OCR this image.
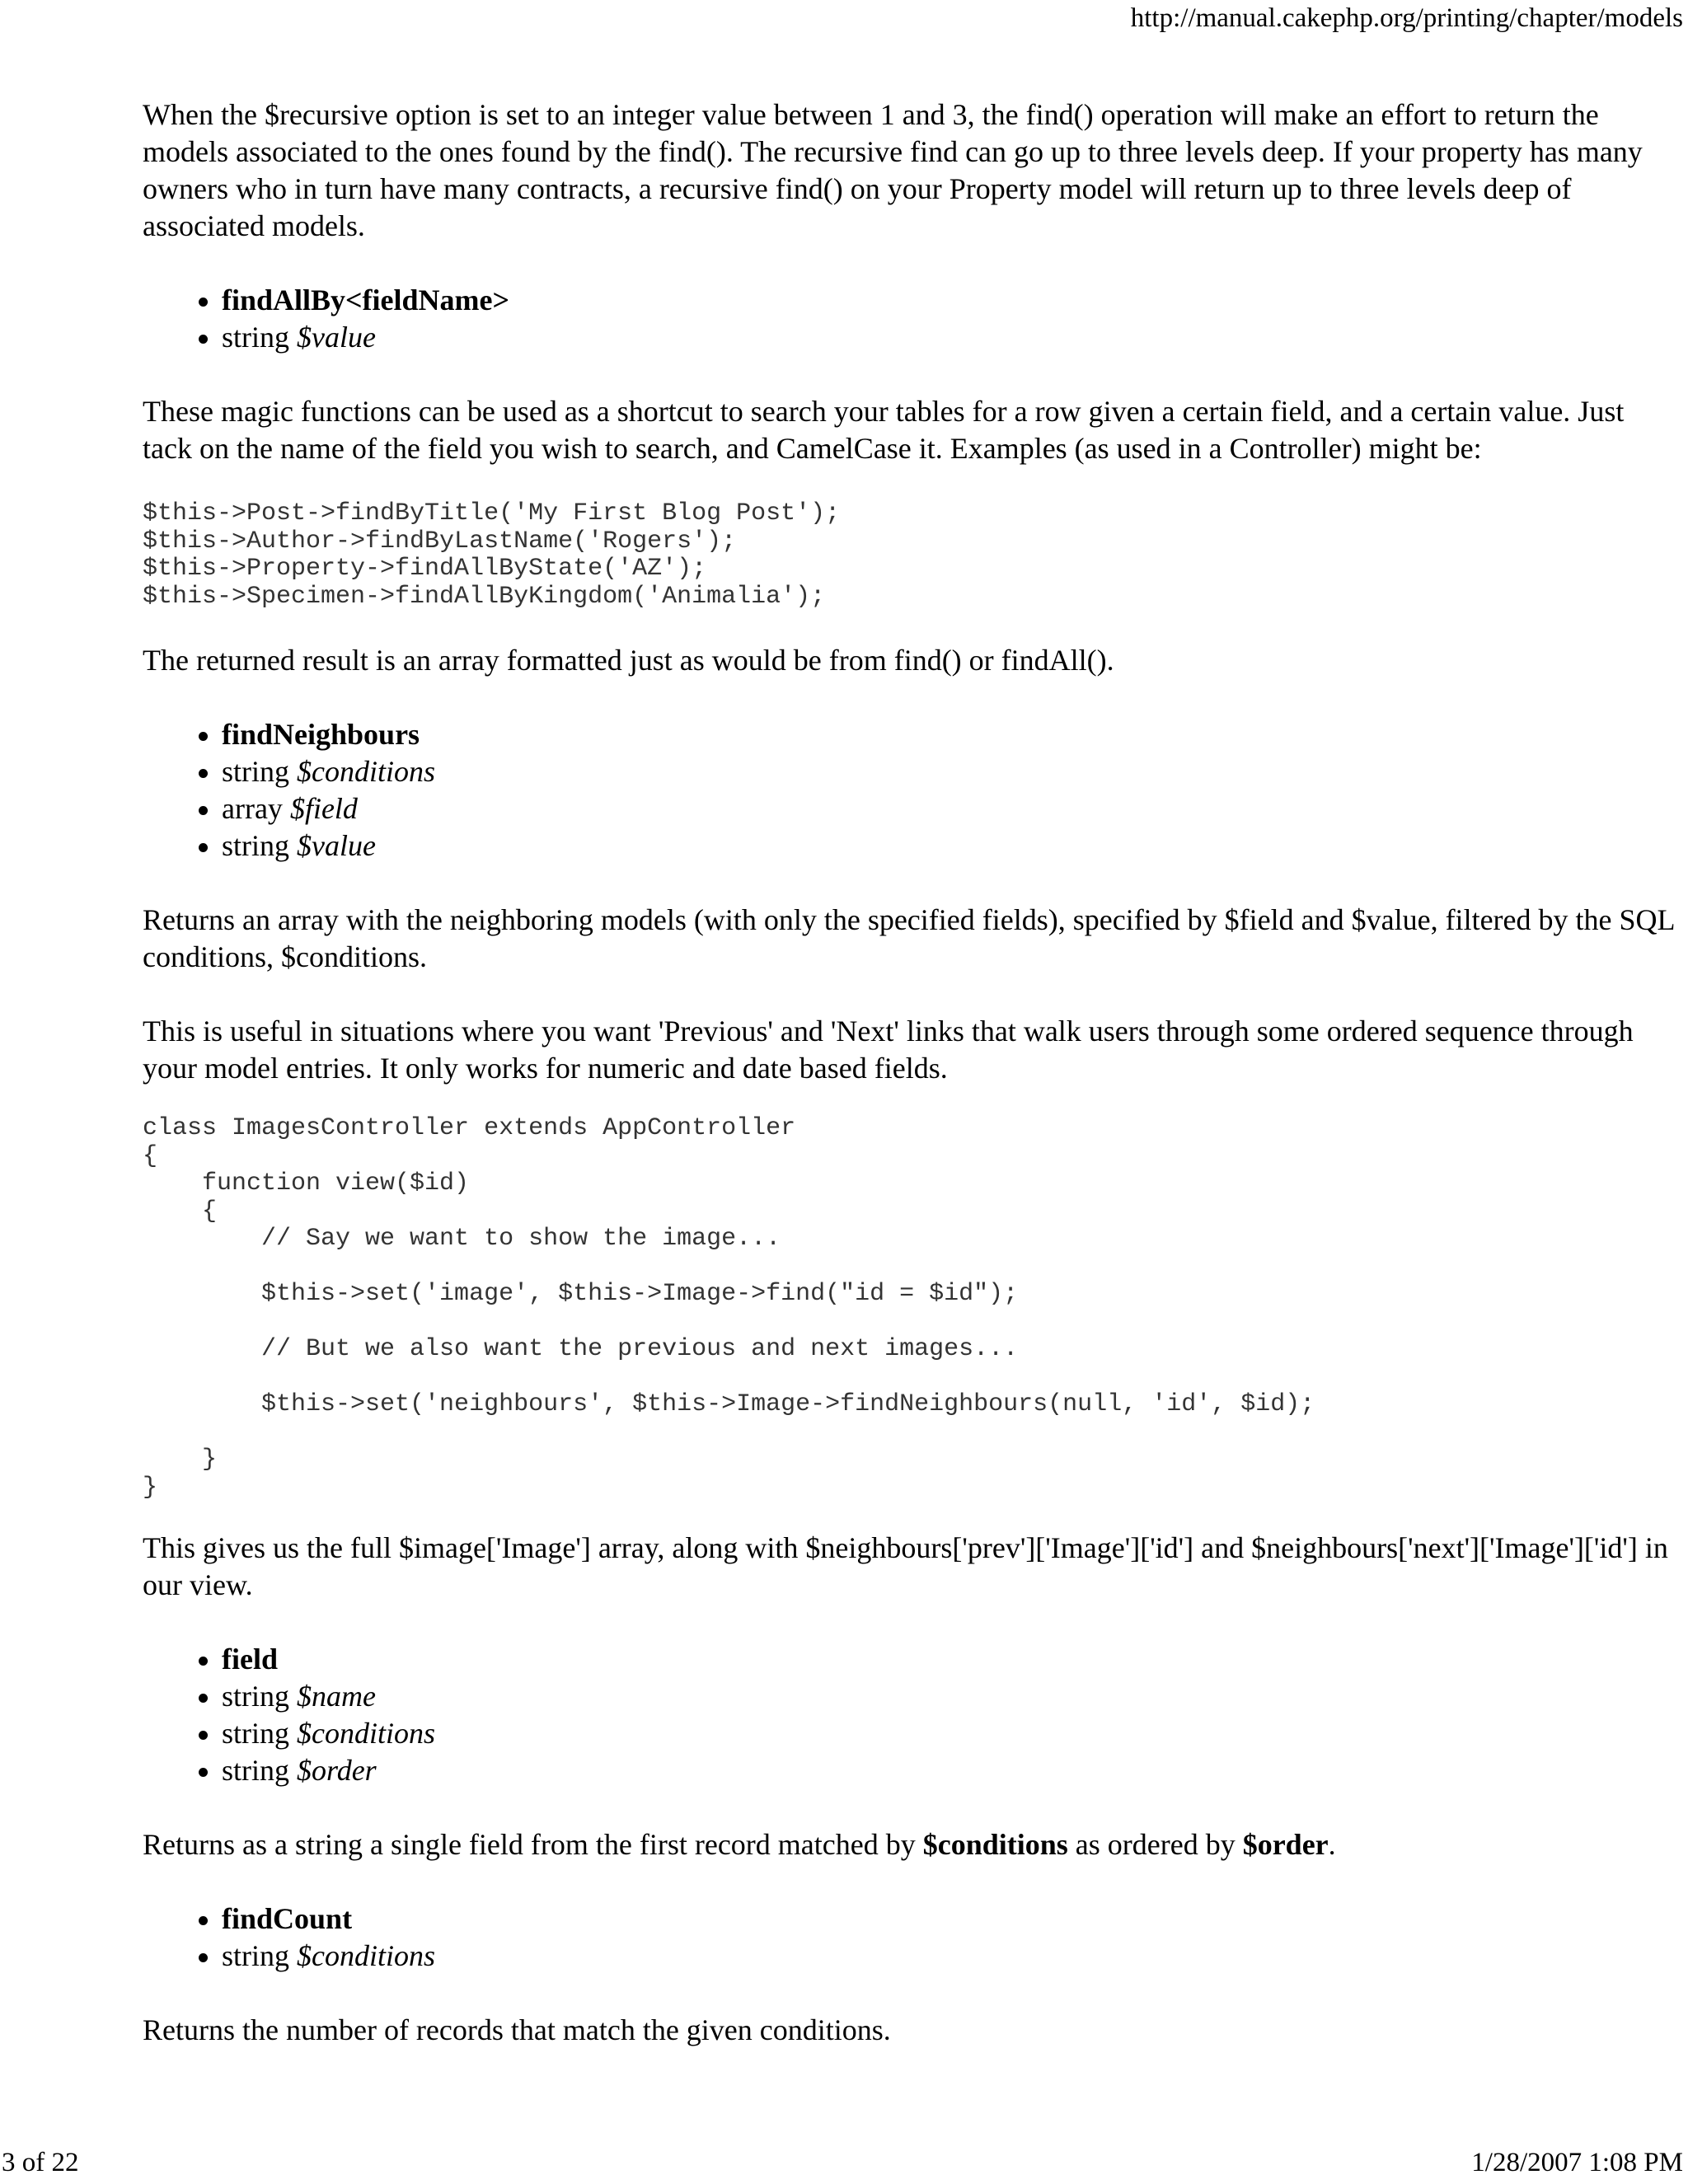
http://manual.cakephp.org/printing/chapter/models

When the $recursive option is set to an integer value between 1 and 3, the find() operation will make an effort to return the models associated to the ones found by the find(). The recursive find can go up to three levels deep. If your property has many owners who in turn have many contracts, a recursive find() on your Property model will return up to three levels deep of associated models.

findAllBy<fieldName>
string $value

These magic functions can be used as a shortcut to search your tables for a row given a certain field, and a certain value. Just tack on the name of the field you wish to search, and CamelCase it. Examples (as used in a Controller) might be:

$this->Post->findByTitle('My First Blog Post');
$this->Author->findByLastName('Rogers');
$this->Property->findAllByState('AZ');
$this->Specimen->findAllByKingdom('Animalia');

The returned result is an array formatted just as would be from find() or findAll().

findNeighbours
string $conditions
array $field
string $value

Returns an array with the neighboring models (with only the specified fields), specified by $field and $value, filtered by the SQL conditions, $conditions.

This is useful in situations where you want 'Previous' and 'Next' links that walk users through some ordered sequence through your model entries. It only works for numeric and date based fields.

class ImagesController extends AppController
{
function view($id)
{
// Say we want to show the image...

$this->set('image', $this->Image->find("id = $id");

// But we also want the previous and next images...

$this->set('neighbours', $this->Image->findNeighbours(null, 'id', $id);

}
}

This gives us the full $image['Image'] array, along with $neighbours['prev']['Image']['id'] and $neighbours['next']['Image']['id'] in our view.

field
string $name
string $conditions
string $order

Returns as a string a single field from the first record matched by $conditions as ordered by $order.

findCount
string $conditions

Returns the number of records that match the given conditions.

3 of 22	1/28/2007 1:08 PM
